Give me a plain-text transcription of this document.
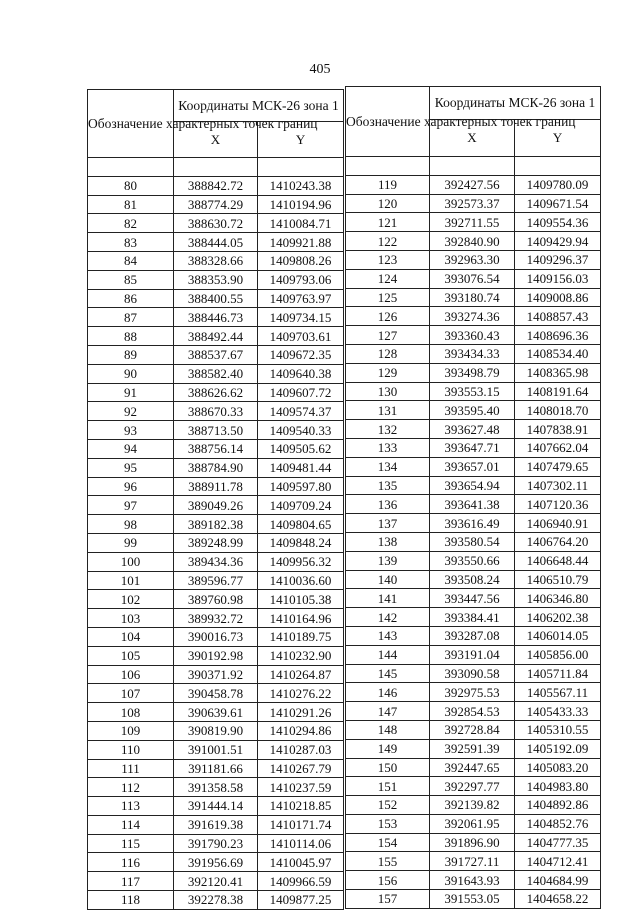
405
Обозначение характерных точек границ	Координаты МСК-26 зона 1	
	X	Y

80	388842.72	1410243.38
81	388774.29	1410194.96
82	388630.72	1410084.71
83	388444.05	1409921.88
84	388328.66	1409808.26
85	388353.90	1409793.06
86	388400.55	1409763.97
87	388446.73	1409734.15
88	388492.44	1409703.61
89	388537.67	1409672.35
90	388582.40	1409640.38
91	388626.62	1409607.72
92	388670.33	1409574.37
93	388713.50	1409540.33
94	388756.14	1409505.62
95	388784.90	1409481.44
96	388911.78	1409597.80
97	389049.26	1409709.24
98	389182.38	1409804.65
99	389248.99	1409848.24
100	389434.36	1409956.32
101	389596.77	1410036.60
102	389760.98	1410105.38
103	389932.72	1410164.96
104	390016.73	1410189.75
105	390192.98	1410232.90
106	390371.92	1410264.87
107	390458.78	1410276.22
108	390639.61	1410291.26
109	390819.90	1410294.86
110	391001.51	1410287.03
111	391181.66	1410267.79
112	391358.58	1410237.59
113	391444.14	1410218.85
114	391619.38	1410171.74
115	391790.23	1410114.06
116	391956.69	1410045.97
117	392120.41	1409966.59
118	392278.38	1409877.25
Обозначение характерных точек границ	Координаты МСК-26 зона 1	
	X	Y

119	392427.56	1409780.09
120	392573.37	1409671.54
121	392711.55	1409554.36
122	392840.90	1409429.94
123	392963.30	1409296.37
124	393076.54	1409156.03
125	393180.74	1409008.86
126	393274.36	1408857.43
127	393360.43	1408696.36
128	393434.33	1408534.40
129	393498.79	1408365.98
130	393553.15	1408191.64
131	393595.40	1408018.70
132	393627.48	1407838.91
133	393647.71	1407662.04
134	393657.01	1407479.65
135	393654.94	1407302.11
136	393641.38	1407120.36
137	393616.49	1406940.91
138	393580.54	1406764.20
139	393550.66	1406648.44
140	393508.24	1406510.79
141	393447.56	1406346.80
142	393384.41	1406202.38
143	393287.08	1406014.05
144	393191.04	1405856.00
145	393090.58	1405711.84
146	392975.53	1405567.11
147	392854.53	1405433.33
148	392728.84	1405310.55
149	392591.39	1405192.09
150	392447.65	1405083.20
151	392297.77	1404983.80
152	392139.82	1404892.86
153	392061.95	1404852.76
154	391896.90	1404777.35
155	391727.11	1404712.41
156	391643.93	1404684.99
157	391553.05	1404658.22
